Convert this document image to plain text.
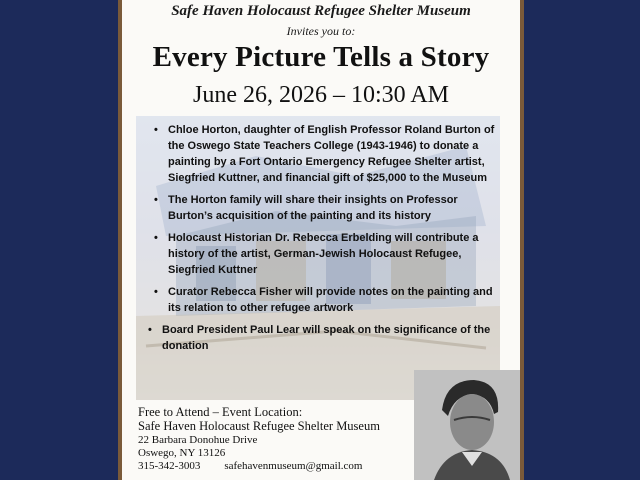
Safe Haven Holocaust Refugee Shelter Museum
Invites you to:
Every Picture Tells a Story
June 26, 2026 – 10:30 AM
• Chloe Horton, daughter of English Professor Roland Burton of the Oswego State Teachers College (1943-1946) to donate a painting by a Fort Ontario Emergency Refugee Shelter artist, Siegfried Kuttner, and financial gift of $25,000 to the Museum
• The Horton family will share their insights on Professor Burton’s acquisition of the painting and its history
• Holocaust Historian Dr. Rebecca Erbelding will contribute a history of the artist, German-Jewish Holocaust Refugee, Siegfried Kuttner
• Curator Rebecca Fisher will provide notes on the painting and its relation to other refugee artwork
• Board President Paul Lear will speak on the significance of the donation
Free to Attend – Event Location:
Safe Haven Holocaust Refugee Shelter Museum
22 Barbara Donohue Drive
Oswego, NY 13126
315-342-3003 safehavenmuseum@gmail.com
